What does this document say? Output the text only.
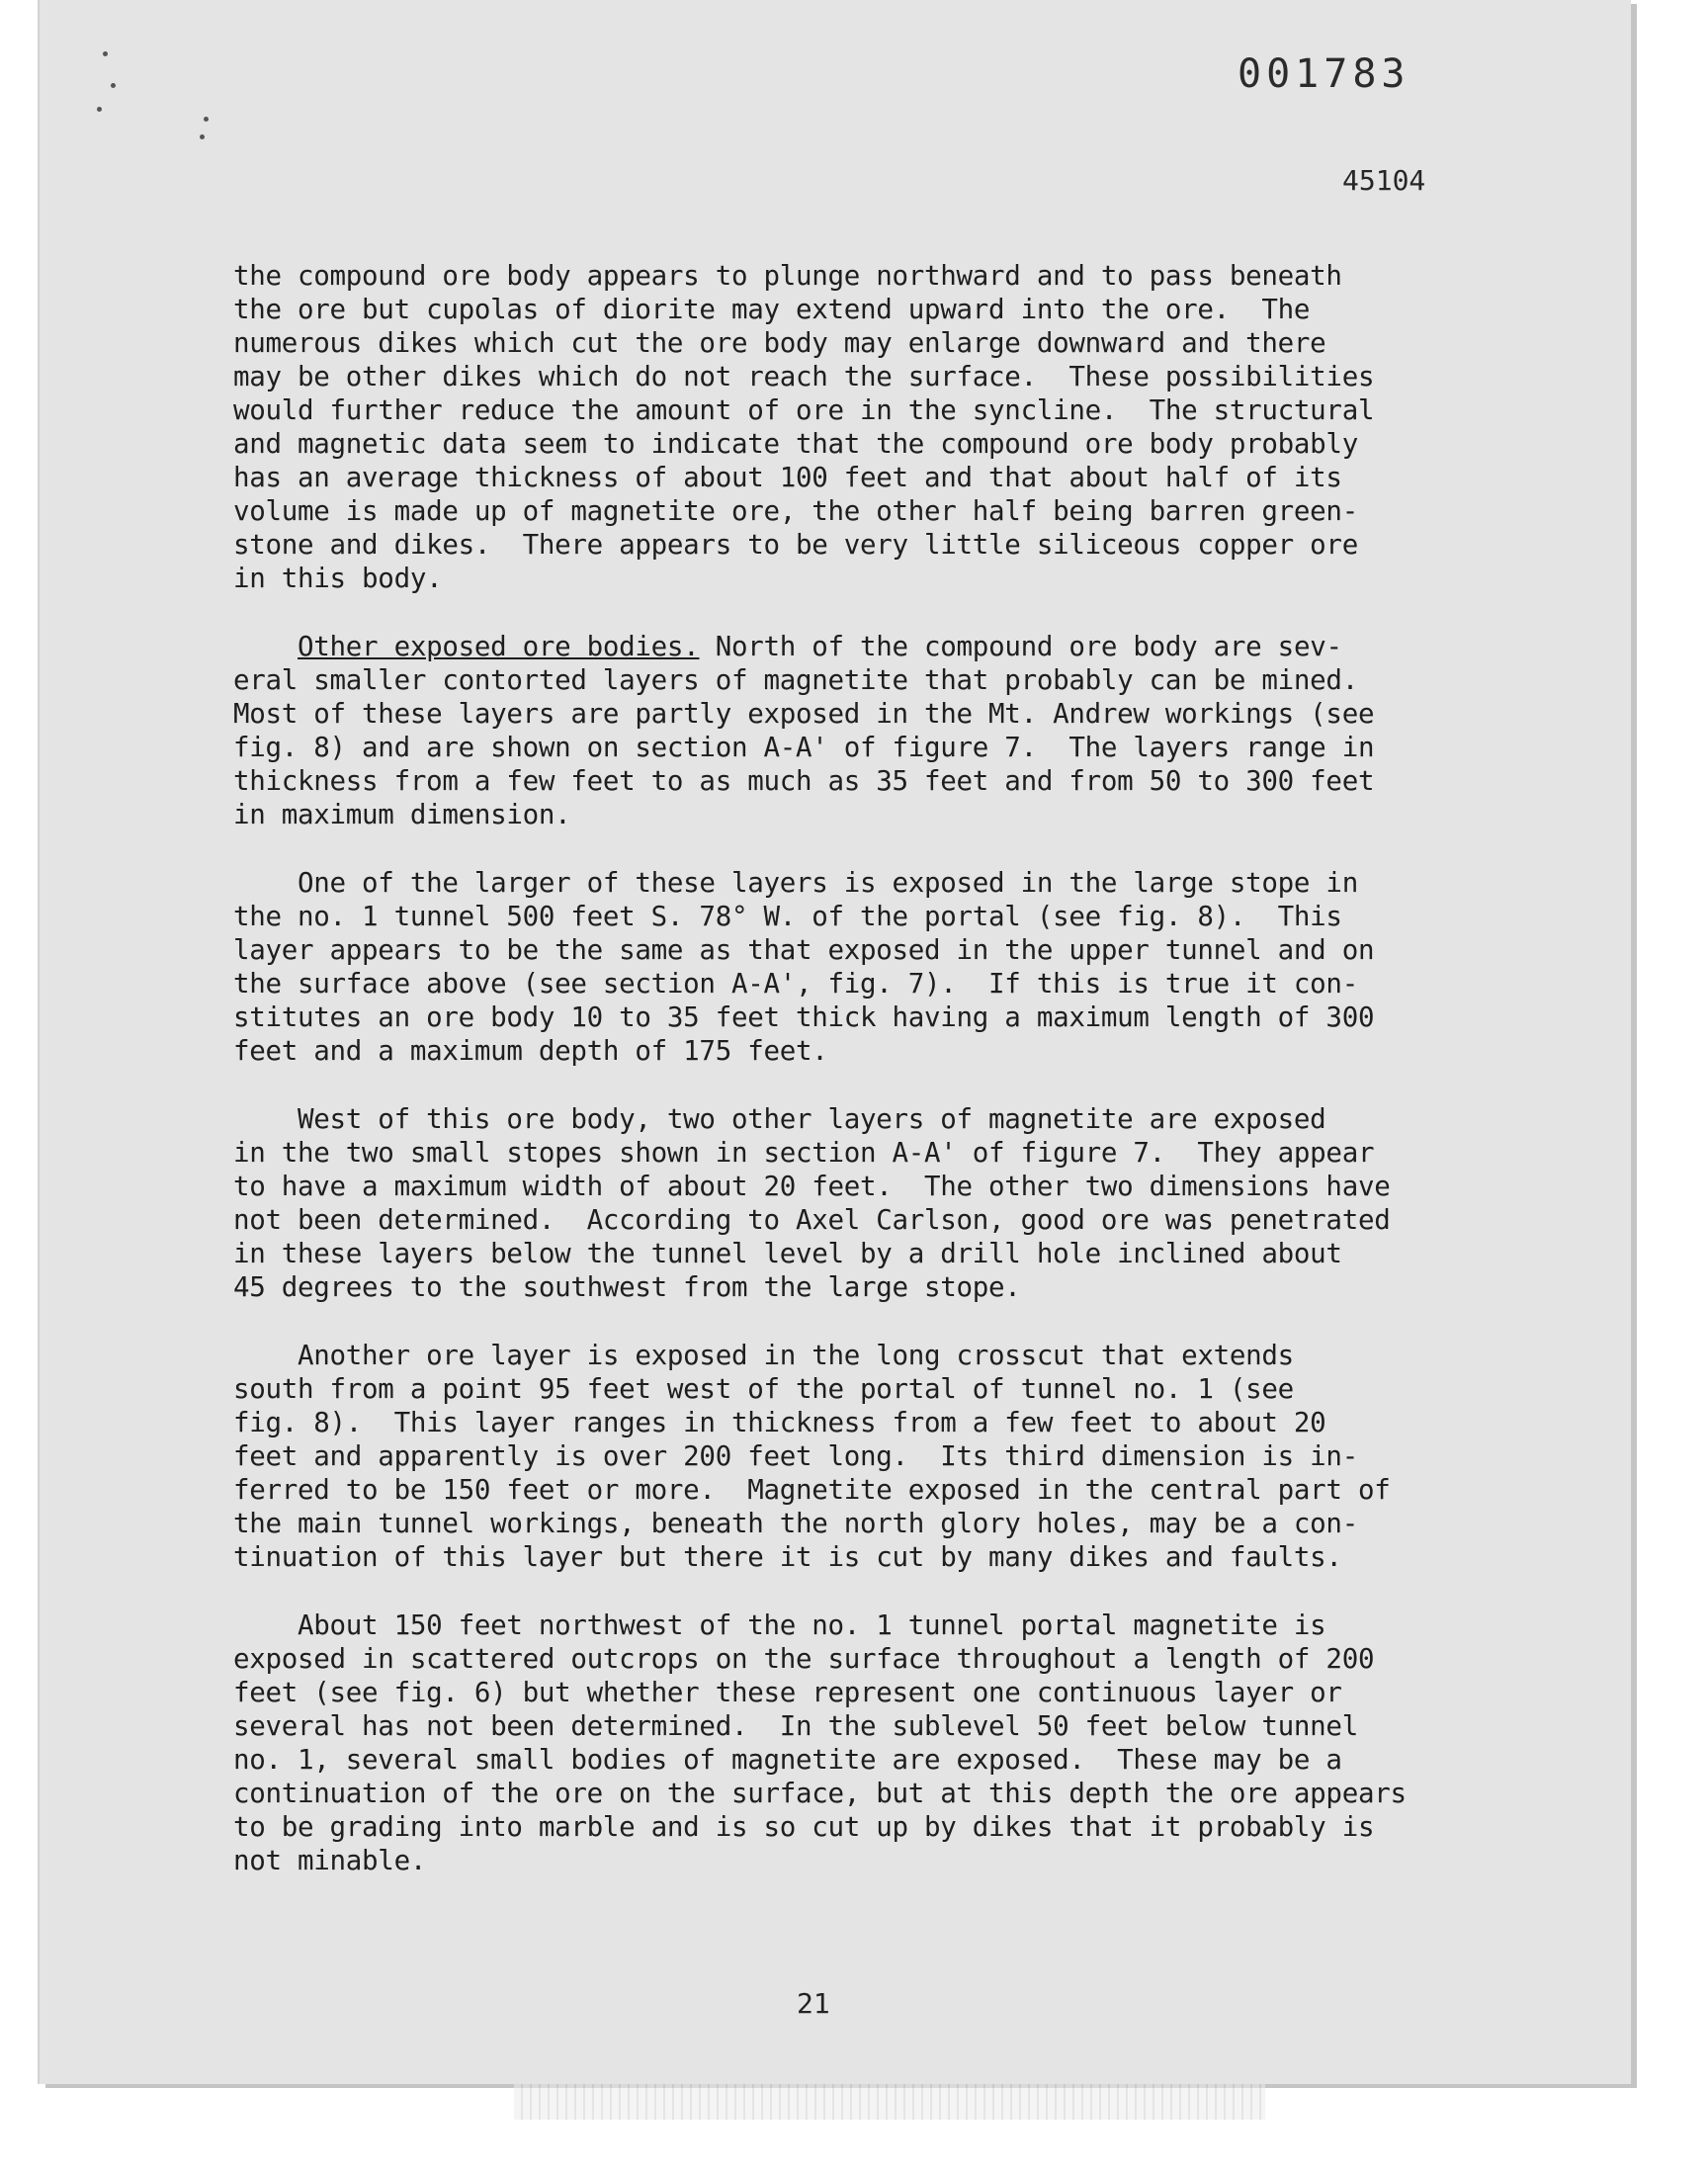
001783
45104
the compound ore body appears to plunge northward and to pass beneath
the ore but cupolas of diorite may extend upward into the ore.  The
numerous dikes which cut the ore body may enlarge downward and there
may be other dikes which do not reach the surface.  These possibilities
would further reduce the amount of ore in the syncline.  The structural
and magnetic data seem to indicate that the compound ore body probably
has an average thickness of about 100 feet and that about half of its
volume is made up of magnetite ore, the other half being barren green-
stone and dikes.  There appears to be very little siliceous copper ore
in this body.
Other exposed ore bodies. North of the compound ore body are sev-
eral smaller contorted layers of magnetite that probably can be mined.
Most of these layers are partly exposed in the Mt. Andrew workings (see
fig. 8) and are shown on section A-A' of figure 7.  The layers range in
thickness from a few feet to as much as 35 feet and from 50 to 300 feet
in maximum dimension.
One of the larger of these layers is exposed in the large stope in
the no. 1 tunnel 500 feet S. 78° W. of the portal (see fig. 8).  This
layer appears to be the same as that exposed in the upper tunnel and on
the surface above (see section A-A', fig. 7).  If this is true it con-
stitutes an ore body 10 to 35 feet thick having a maximum length of 300
feet and a maximum depth of 175 feet.
West of this ore body, two other layers of magnetite are exposed
in the two small stopes shown in section A-A' of figure 7.  They appear
to have a maximum width of about 20 feet.  The other two dimensions have
not been determined.  According to Axel Carlson, good ore was penetrated
in these layers below the tunnel level by a drill hole inclined about
45 degrees to the southwest from the large stope.
Another ore layer is exposed in the long crosscut that extends
south from a point 95 feet west of the portal of tunnel no. 1 (see
fig. 8).  This layer ranges in thickness from a few feet to about 20
feet and apparently is over 200 feet long.  Its third dimension is in-
ferred to be 150 feet or more.  Magnetite exposed in the central part of
the main tunnel workings, beneath the north glory holes, may be a con-
tinuation of this layer but there it is cut by many dikes and faults.
About 150 feet northwest of the no. 1 tunnel portal magnetite is
exposed in scattered outcrops on the surface throughout a length of 200
feet (see fig. 6) but whether these represent one continuous layer or
several has not been determined.  In the sublevel 50 feet below tunnel
no. 1, several small bodies of magnetite are exposed.  These may be a
continuation of the ore on the surface, but at this depth the ore appears
to be grading into marble and is so cut up by dikes that it probably is
not minable.
21
